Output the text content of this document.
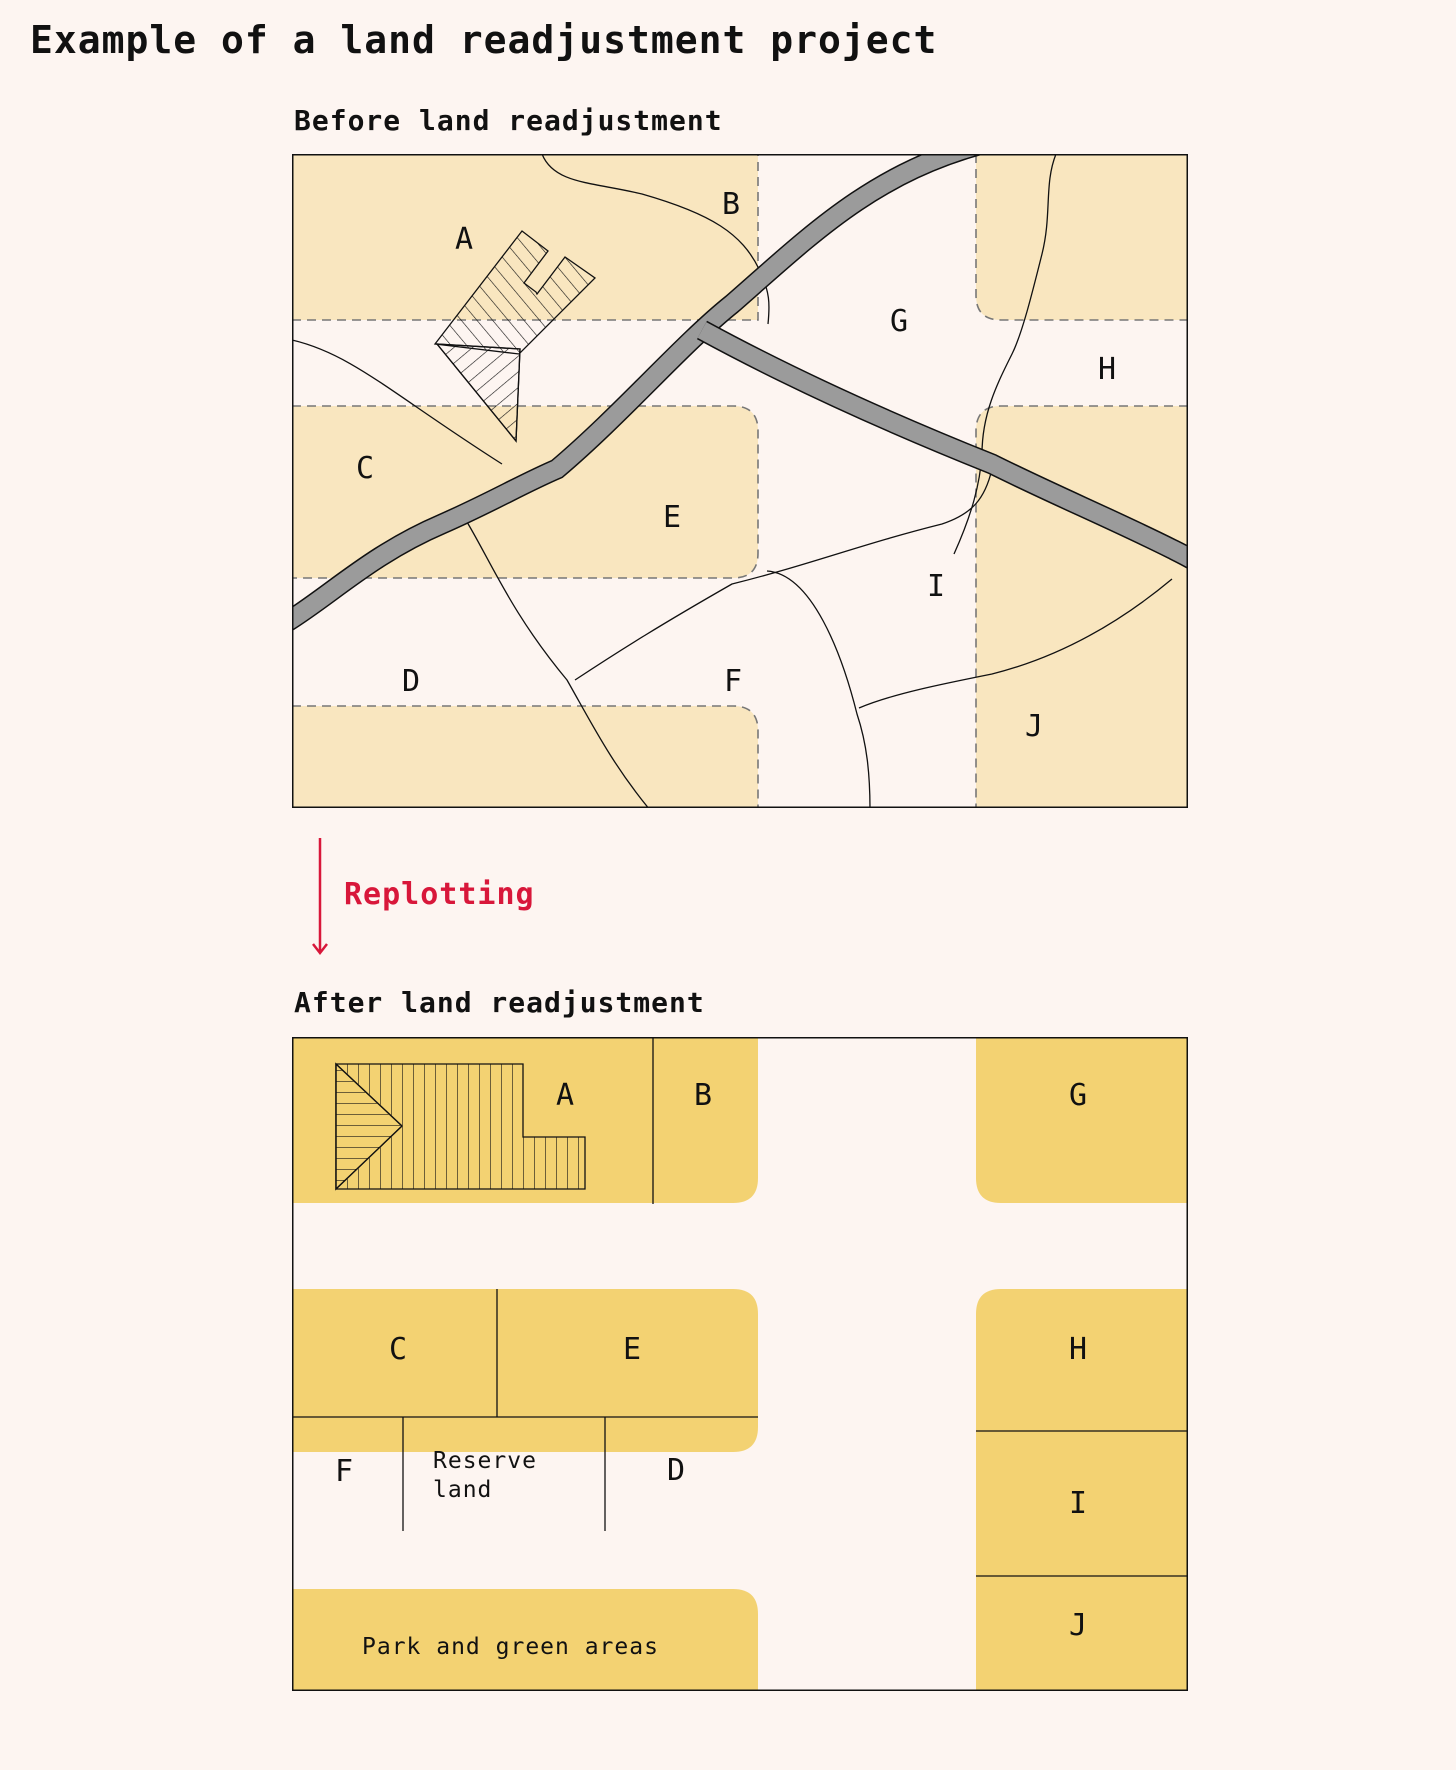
Example of a land readjustment project
Before land readjustment
A
B
C
D
E
F
G
H
I
J
Replotting
After land readjustment
A	B	G
C	E	H
F	D
I
J
Reserve
land
Park and green areas
